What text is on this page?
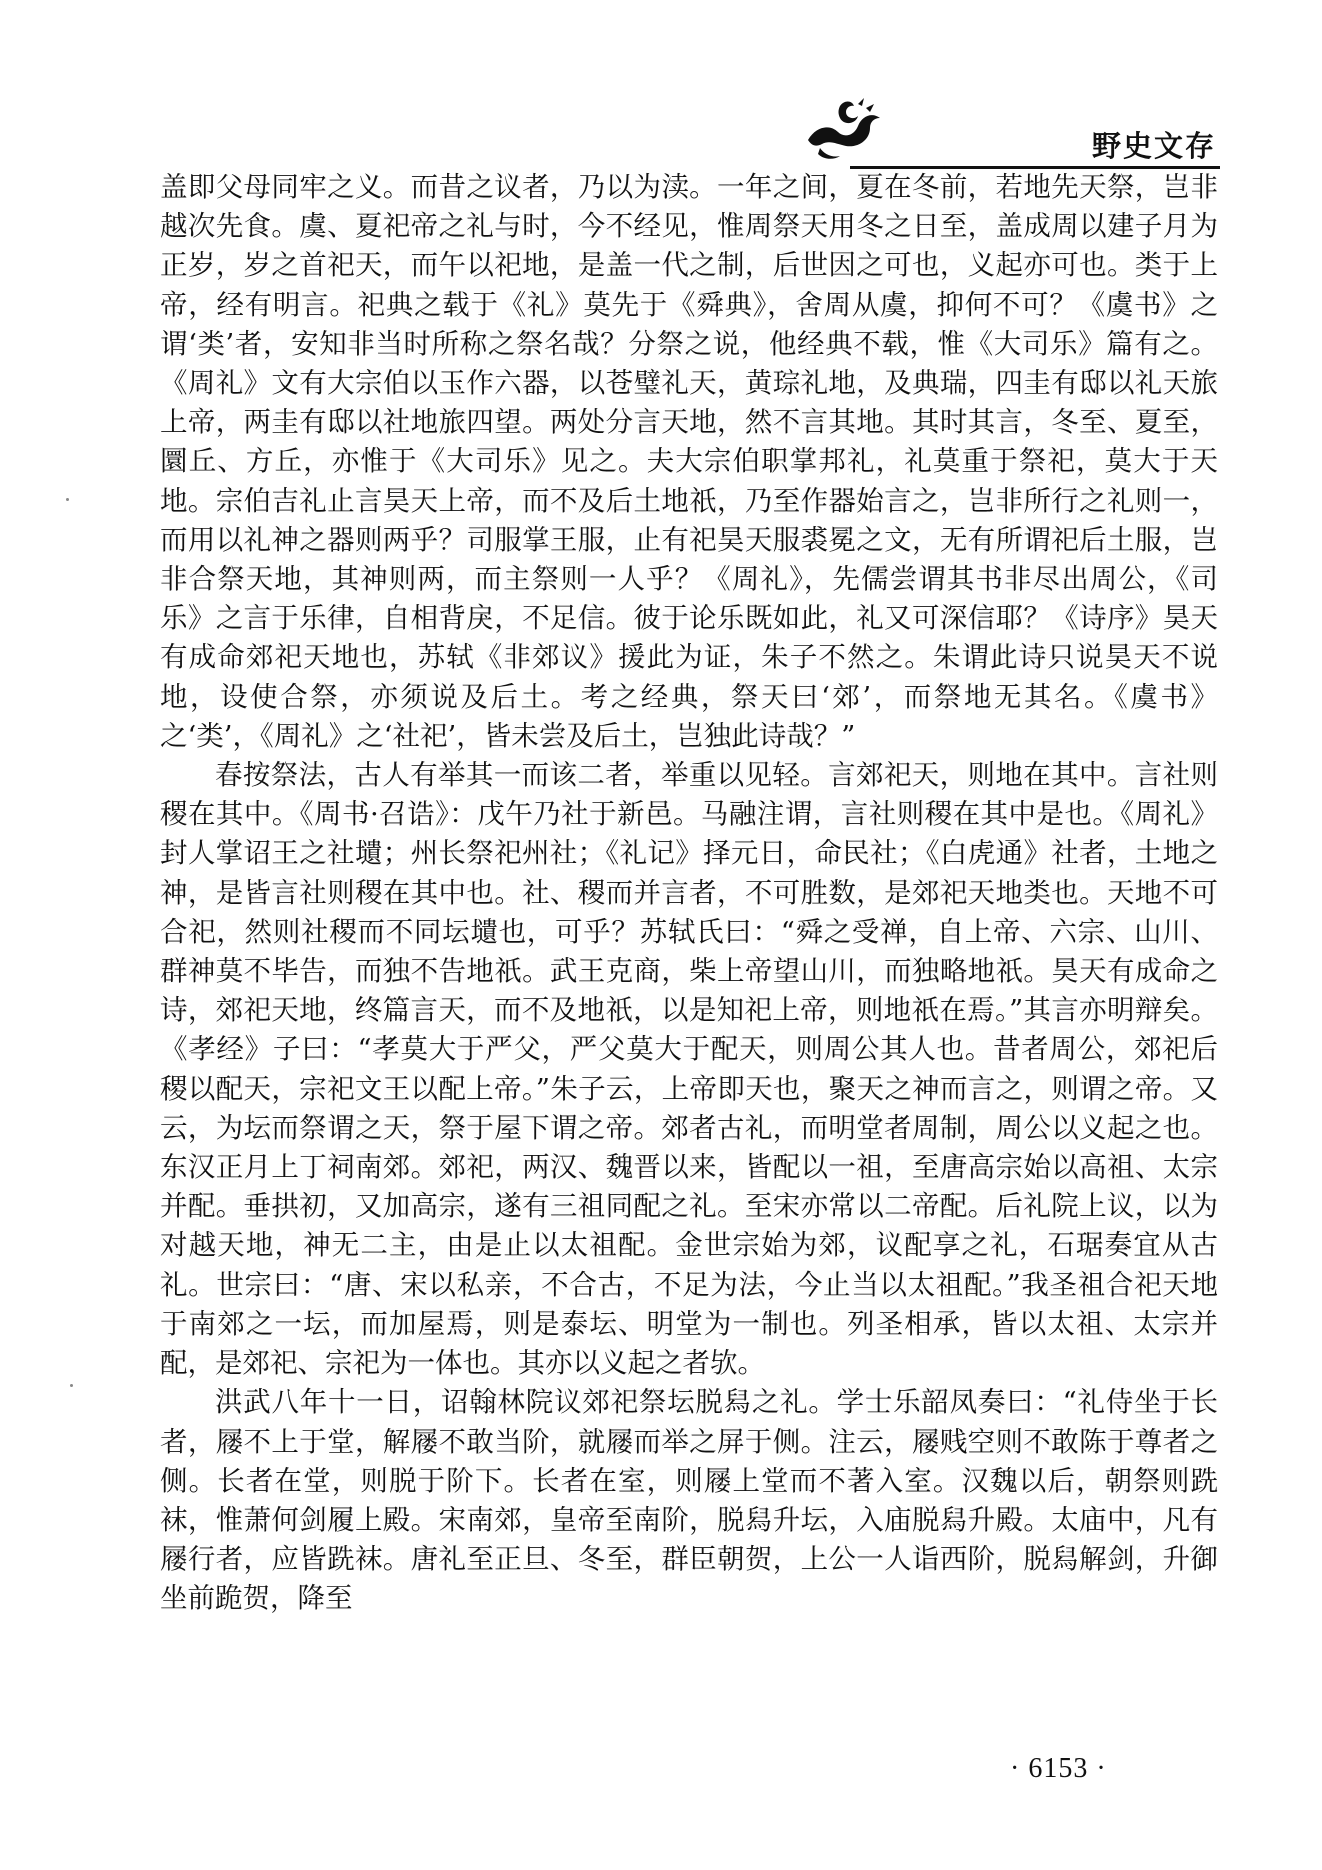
野史文存

盖即父母同牢之义。而昔之议者，乃以为渎。一年之间，夏在冬前，若地先天祭，岂非越次先食。虞、夏祀帝之礼与时，今不经见，惟周祭天用冬之日至，盖成周以建子月为正岁，岁之首祀天，而午以祀地，是盖一代之制，后世因之可也，义起亦可也。类于上帝，经有明言。祀典之载于《礼》莫先于《舜典》，舍周从虞，抑何不可？《虞书》之谓‘类’者，安知非当时所称之祭名哉？分祭之说，他经典不载，惟《大司乐》篇有之。《周礼》文有大宗伯以玉作六器，以苍璧礼天，黄琮礼地，及典瑞，四圭有邸以礼天旅上帝，两圭有邸以社地旅四望。两处分言天地，然不言其地。其时其言，冬至、夏至，圜丘、方丘，亦惟于《大司乐》见之。夫大宗伯职掌邦礼，礼莫重于祭祀，莫大于天地。宗伯吉礼止言昊天上帝，而不及后土地祇，乃至作器始言之，岂非所行之礼则一，而用以礼神之器则两乎？司服掌王服，止有祀昊天服裘冕之文，无有所谓祀后土服，岂非合祭天地，其神则两，而主祭则一人乎？《周礼》，先儒尝谓其书非尽出周公，《司乐》之言于乐律，自相背戾，不足信。彼于论乐既如此，礼又可深信耶？《诗序》昊天有成命郊祀天地也，苏轼《非郊议》援此为证，朱子不然之。朱谓此诗只说昊天不说地，设使合祭，亦须说及后土。考之经典，祭天曰‘郊’，而祭地无其名。《虞书》之‘类’，《周礼》之‘社祀’，皆未尝及后土，岂独此诗哉？”

春按祭法，古人有举其一而该二者，举重以见轻。言郊祀天，则地在其中。言社则稷在其中。《周书·召诰》：戊午乃社于新邑。马融注谓，言社则稷在其中是也。《周礼》封人掌诏王之社壝；州长祭祀州社；《礼记》择元日，命民社；《白虎通》社者，土地之神，是皆言社则稷在其中也。社、稷而并言者，不可胜数，是郊祀天地类也。天地不可合祀，然则社稷而不同坛壝也，可乎？苏轼氏曰：“舜之受禅，自上帝、六宗、山川、群神莫不毕告，而独不告地祇。武王克商，柴上帝望山川，而独略地祇。昊天有成命之诗，郊祀天地，终篇言天，而不及地祇，以是知祀上帝，则地祇在焉。”其言亦明辩矣。《孝经》子曰：“孝莫大于严父，严父莫大于配天，则周公其人也。昔者周公，郊祀后稷以配天，宗祀文王以配上帝。”朱子云，上帝即天也，聚天之神而言之，则谓之帝。又云，为坛而祭谓之天，祭于屋下谓之帝。郊者古礼，而明堂者周制，周公以义起之也。东汉正月上丁祠南郊。郊祀，两汉、魏晋以来，皆配以一祖，至唐高宗始以高祖、太宗并配。垂拱初，又加高宗，遂有三祖同配之礼。至宋亦常以二帝配。后礼院上议，以为对越天地，神无二主，由是止以太祖配。金世宗始为郊，议配享之礼，石琚奏宜从古礼。世宗曰：“唐、宋以私亲，不合古，不足为法，今止当以太祖配。”我圣祖合祀天地于南郊之一坛，而加屋焉，则是泰坛、明堂为一制也。列圣相承，皆以太祖、太宗并配，是郊祀、宗祀为一体也。其亦以义起之者欤。

洪武八年十一日，诏翰林院议郊祀祭坛脱舄之礼。学士乐韶凤奏曰：“礼侍坐于长者，屦不上于堂，解屦不敢当阶，就屦而举之屏于侧。注云，屦贱空则不敢陈于尊者之侧。长者在堂，则脱于阶下。长者在室，则屦上堂而不著入室。汉魏以后，朝祭则跣袜，惟萧何剑履上殿。宋南郊，皇帝至南阶，脱舄升坛，入庙脱舄升殿。太庙中，凡有屦行者，应皆跣袜。唐礼至正旦、冬至，群臣朝贺，上公一人诣西阶，脱舄解剑，升御坐前跪贺，降至

· 6153 ·
